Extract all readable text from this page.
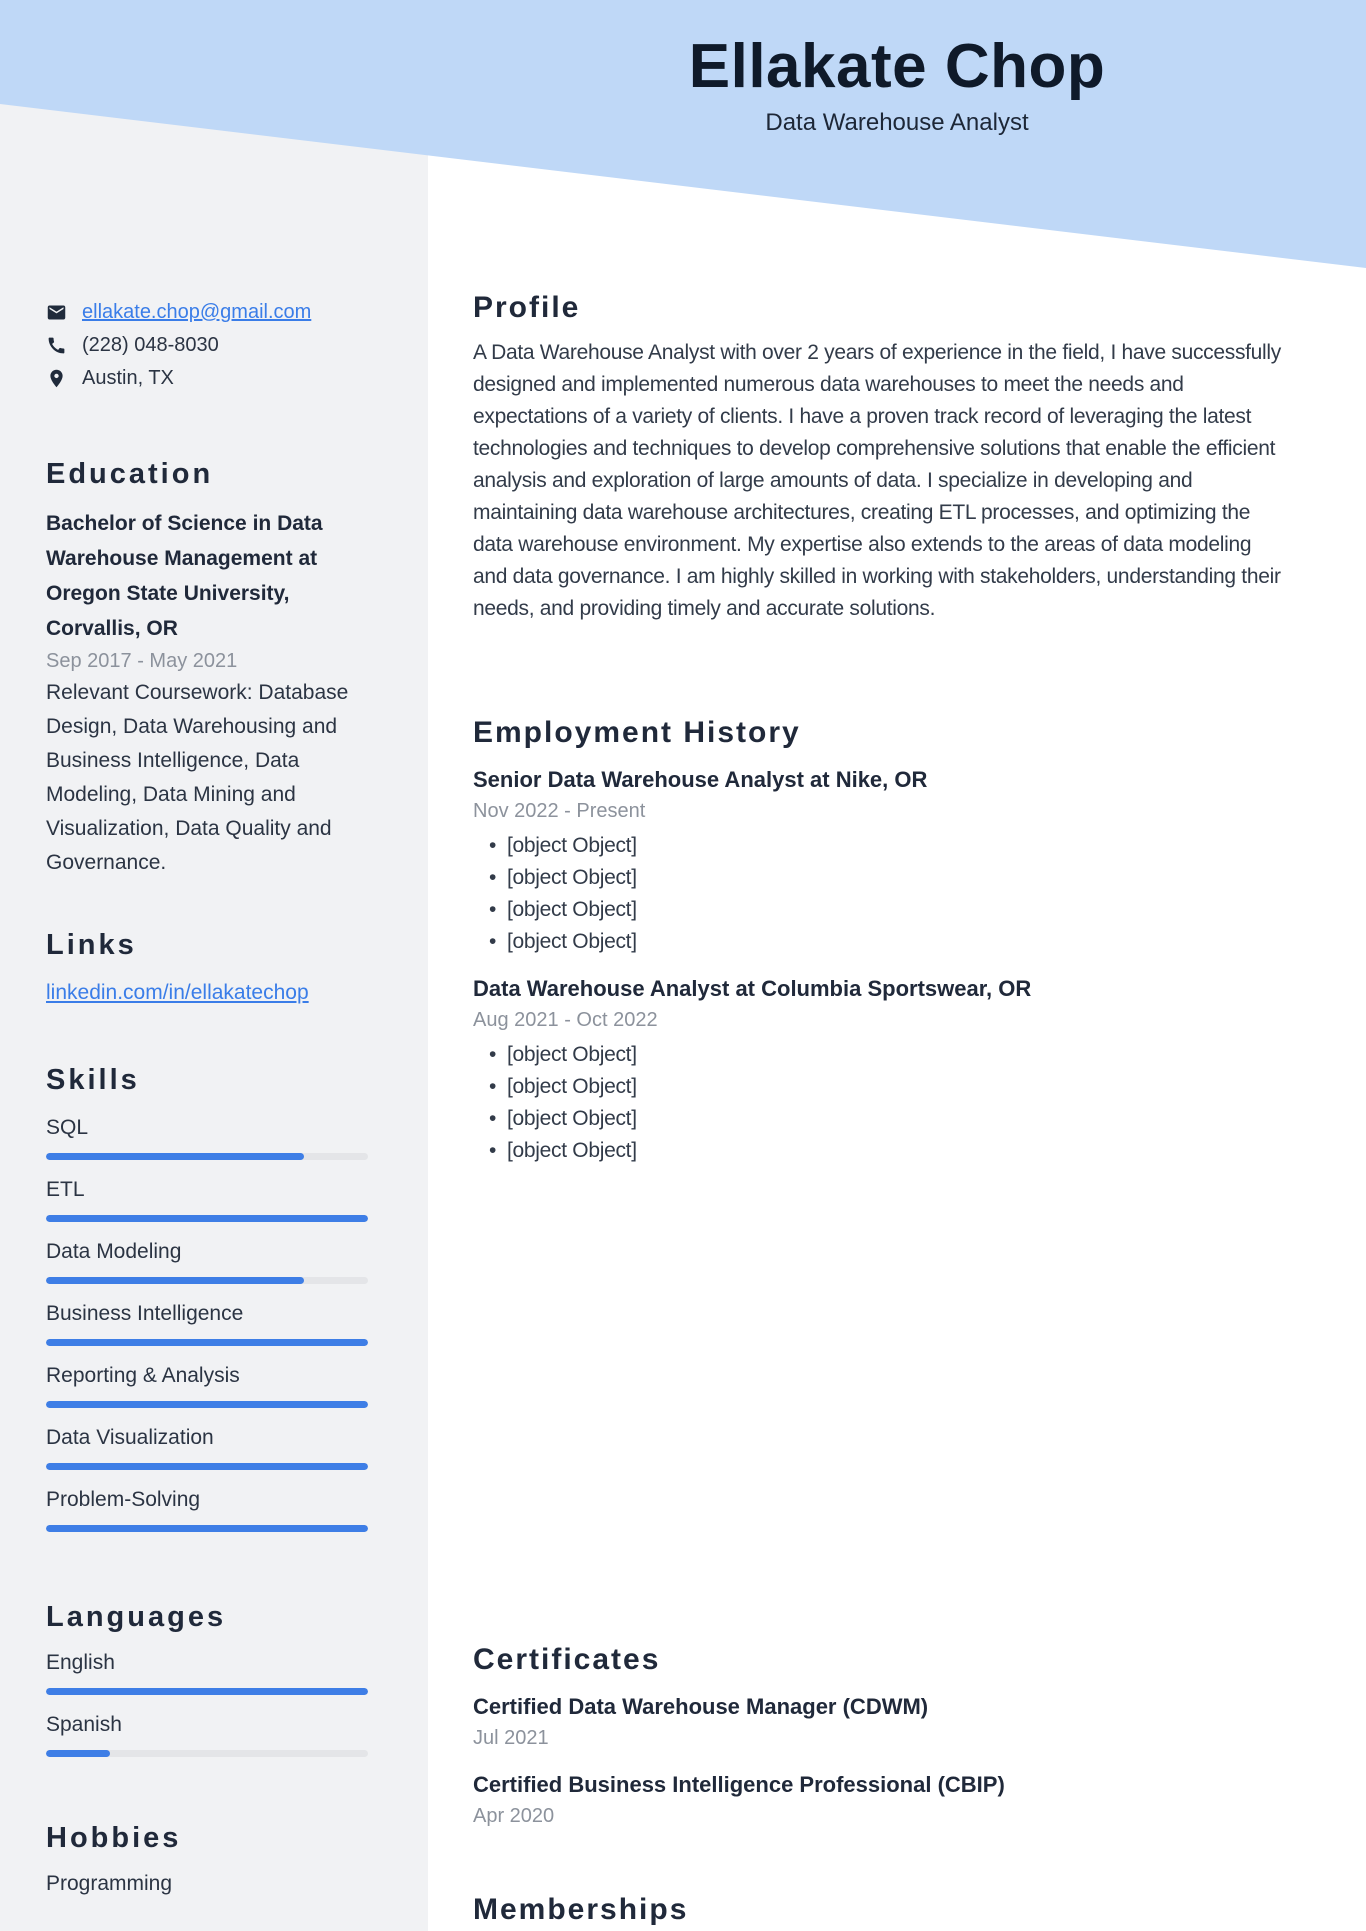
Ellakate Chop
Data Warehouse Analyst
ellakate.chop@gmail.com
(228) 048-8030
Austin, TX
Education
Bachelor of Science in Data Warehouse Management at Oregon State University, Corvallis, OR
Sep 2017 - May 2021
Relevant Coursework: Database Design, Data Warehousing and Business Intelligence, Data Modeling, Data Mining and Visualization, Data Quality and Governance.
Links
linkedin.com/in/ellakatechop
Skills
SQL
ETL
Data Modeling
Business Intelligence
Reporting & Analysis
Data Visualization
Problem-Solving
Languages
English
Spanish
Hobbies
Programming
Profile

A Data Warehouse Analyst with over 2 years of experience in the field, I have successfully designed and implemented numerous data warehouses to meet the needs and expectations of a variety of clients. I have a proven track record of leveraging the latest technologies and techniques to develop comprehensive solutions that enable the efficient analysis and exploration of large amounts of data. I specialize in developing and maintaining data warehouse architectures, creating ETL processes, and optimizing the data warehouse environment. My expertise also extends to the areas of data modeling and data governance. I am highly skilled in working with stakeholders, understanding their needs, and providing timely and accurate solutions.

Employment History
Senior Data Warehouse Analyst at Nike, OR
Nov 2022 - Present
• [object Object]
• [object Object]
• [object Object]
• [object Object]
Data Warehouse Analyst at Columbia Sportswear, OR
Aug 2021 - Oct 2022
• [object Object]
• [object Object]
• [object Object]
• [object Object]
Certificates
Certified Data Warehouse Manager (CDWM)
Jul 2021
Certified Business Intelligence Professional (CBIP)
Apr 2020
Memberships
